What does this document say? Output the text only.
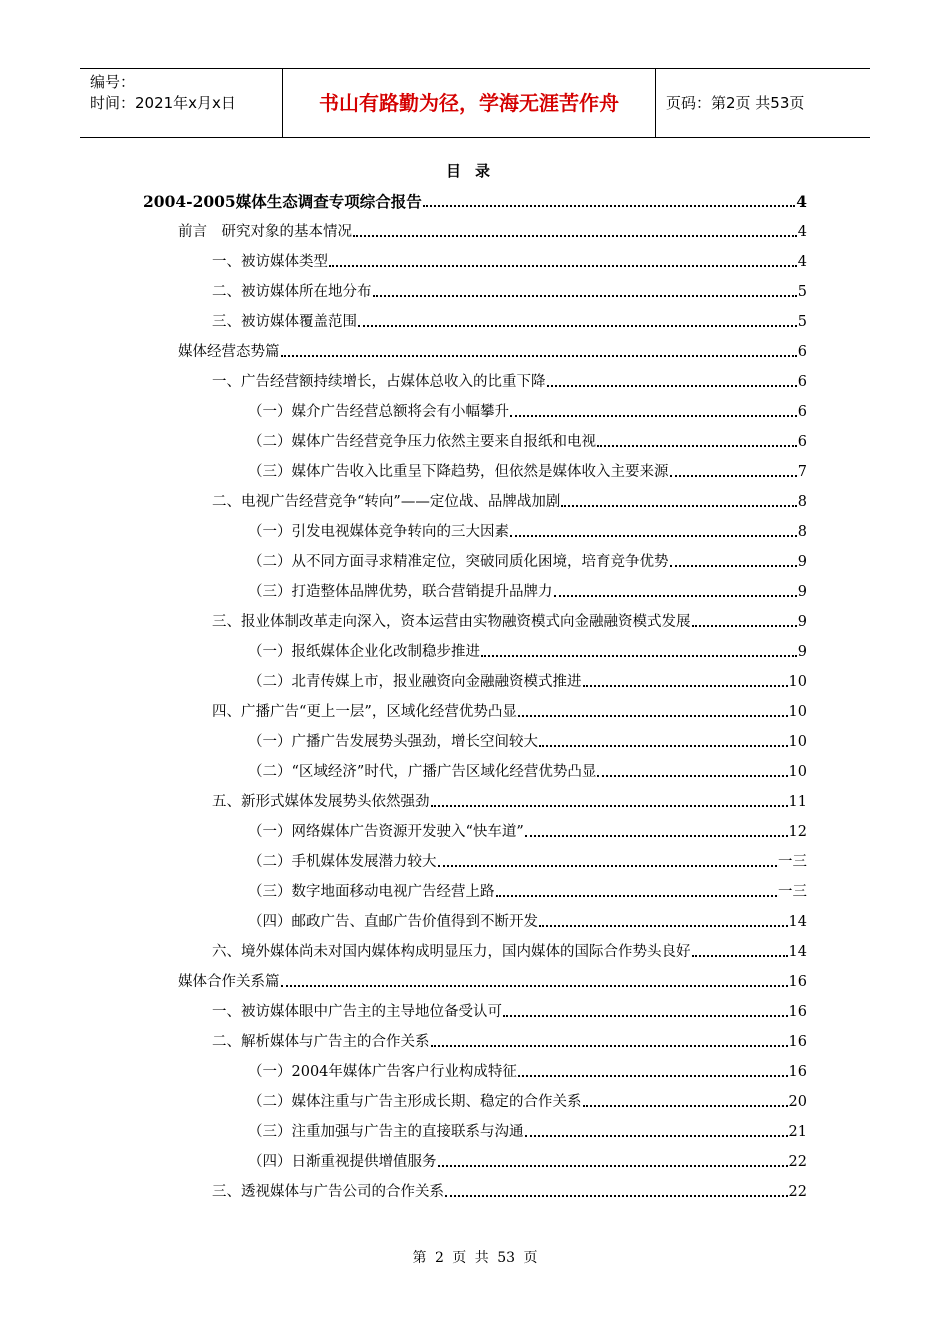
编号：
时间：2021年x月x日	书山有路勤为径，学海无涯苦作舟	页码：第2页 共53页
目录
2004-2005媒体生态调查专项综合报告	4
前言　研究对象的基本情况	4
一、被访媒体类型	4
二、被访媒体所在地分布	5
三、被访媒体覆盖范围	5
媒体经营态势篇	6
一、广告经营额持续增长，占媒体总收入的比重下降	6
（一）媒介广告经营总额将会有小幅攀升	6
（二）媒体广告经营竞争压力依然主要来自报纸和电视	6
（三）媒体广告收入比重呈下降趋势，但依然是媒体收入主要来源	7
二、电视广告经营竞争“转向”——定位战、品牌战加剧	8
（一）引发电视媒体竞争转向的三大因素	8
（二）从不同方面寻求精准定位，突破同质化困境，培育竞争优势	9
（三）打造整体品牌优势，联合营销提升品牌力	9
三、报业体制改革走向深入，资本运营由实物融资模式向金融融资模式发展	9
（一）报纸媒体企业化改制稳步推进	9
（二）北青传媒上市，报业融资向金融融资模式推进	10
四、广播广告“更上一层”，区域化经营优势凸显	10
（一）广播广告发展势头强劲，增长空间较大	10
（二）“区域经济”时代，广播广告区域化经营优势凸显	10
五、新形式媒体发展势头依然强劲	11
（一）网络媒体广告资源开发驶入“快车道”	12
（二）手机媒体发展潜力较大	一三
（三）数字地面移动电视广告经营上路	一三
（四）邮政广告、直邮广告价值得到不断开发	14
六、境外媒体尚未对国内媒体构成明显压力，国内媒体的国际合作势头良好	14
媒体合作关系篇	16
一、被访媒体眼中广告主的主导地位备受认可	16
二、解析媒体与广告主的合作关系	16
（一）2004年媒体广告客户行业构成特征	16
（二）媒体注重与广告主形成长期、稳定的合作关系	20
（三）注重加强与广告主的直接联系与沟通	21
（四）日渐重视提供增值服务	22
三、透视媒体与广告公司的合作关系	22
第 2 页 共 53 页
